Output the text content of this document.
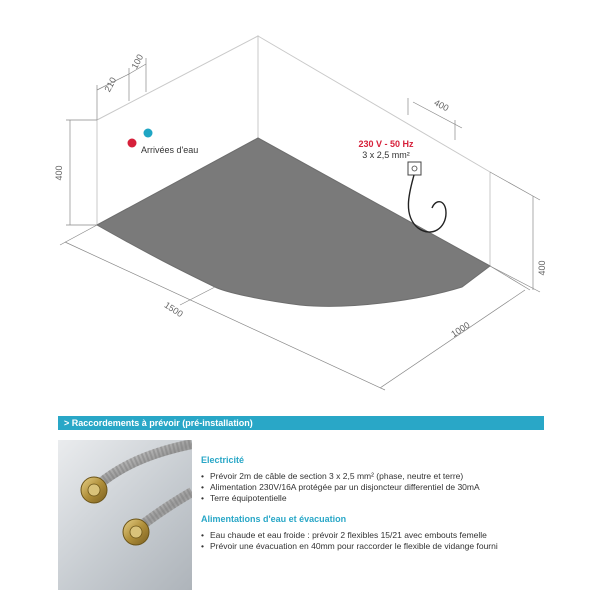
210
100
400
400
400
1500
1000
Arrivées d'eau
230 V - 50 Hz
3 x 2,5 mm²
> Raccordements à prévoir (pré-installation)
Electricité
• Prévoir 2m de câble de section 3 x 2,5 mm² (phase, neutre et terre)
• Alimentation 230V/16A protégée par un disjoncteur differentiel de 30mA
• Terre équipotentielle
Alimentations d'eau et évacuation
• Eau chaude et eau froide : prévoir 2 flexibles 15/21 avec embouts femelle
• Prévoir une évacuation en 40mm pour raccorder le flexible de vidange fourni
